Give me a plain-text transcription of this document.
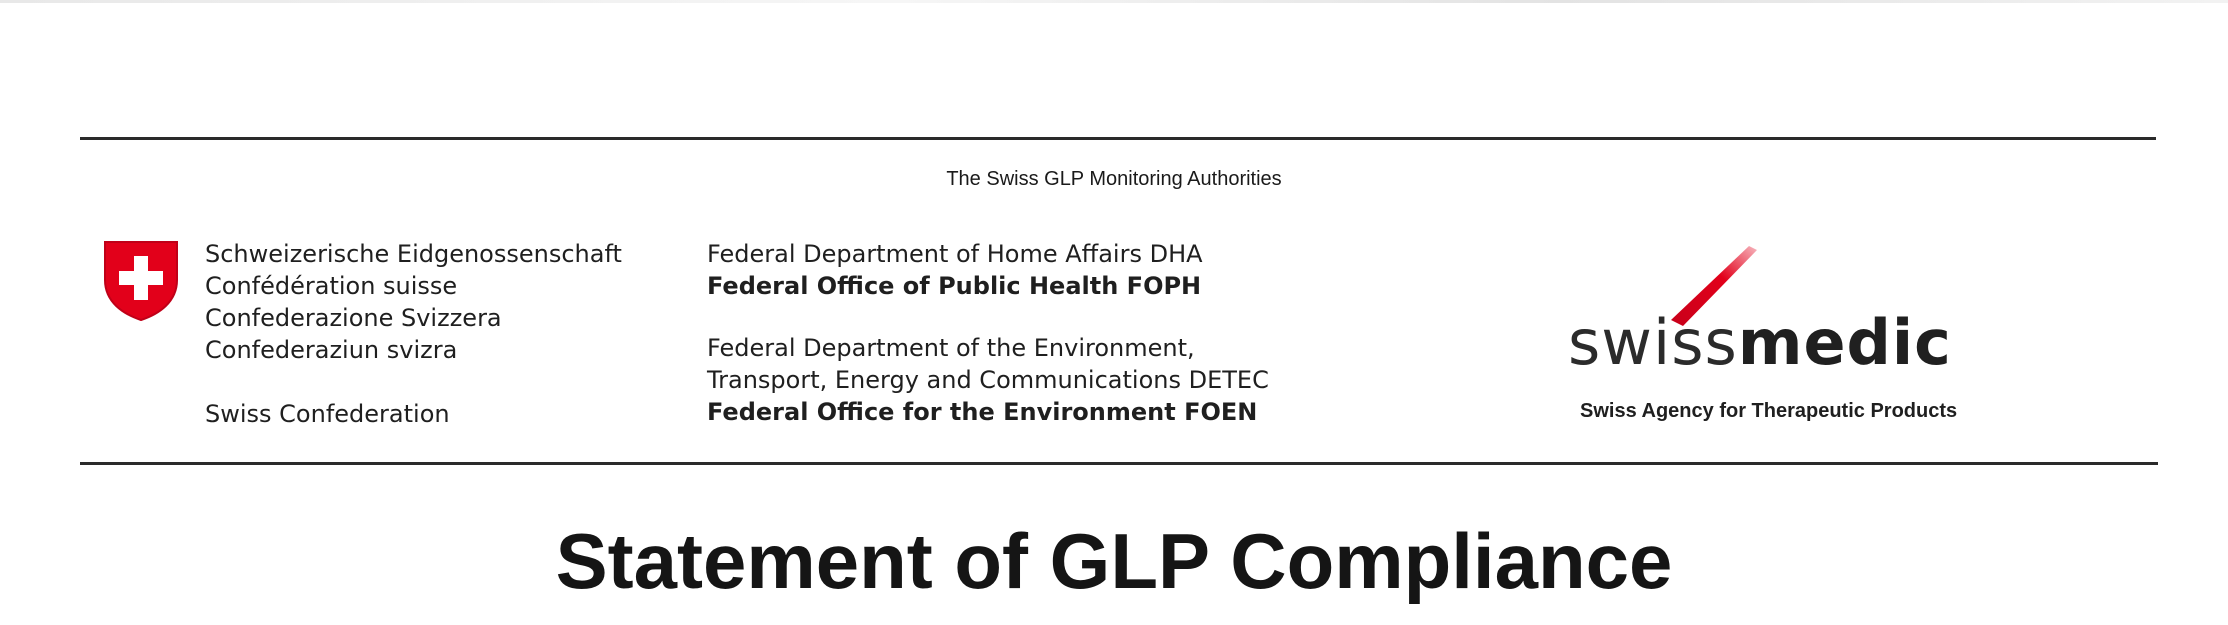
The Swiss GLP Monitoring Authorities
Schweizerische Eidgenossenschaft
Confédération suisse
Confederazione Svizzera
Confederaziun svizra
Swiss Confederation
Federal Department of Home Affairs DHA
Federal Office of Public Health FOPH
Federal Department of the Environment,
Transport, Energy and Communications DETEC
Federal Office for the Environment FOEN
swissmedic
Swiss Agency for Therapeutic Products
Statement of GLP Compliance
